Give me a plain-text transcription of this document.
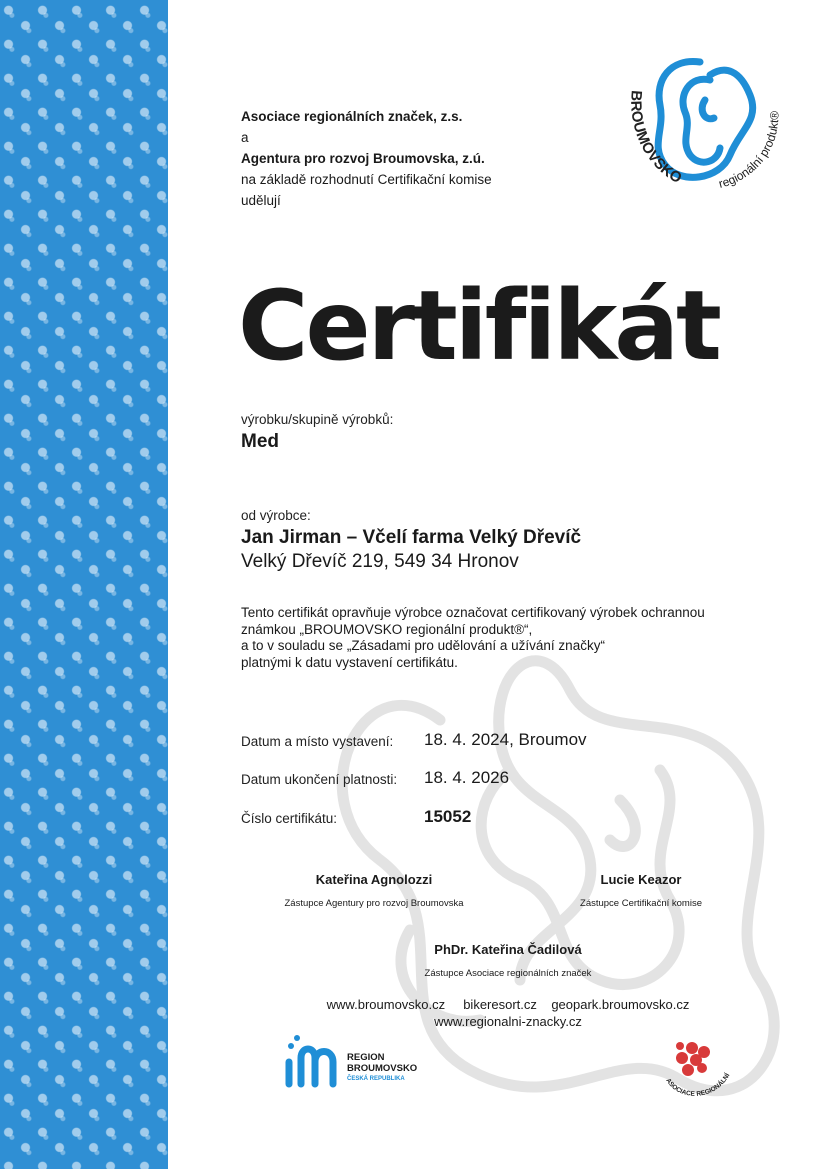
Asociace regionálních značek, z.s.
a
Agentura pro rozvoj Broumovska, z.ú.
na základě rozhodnutí Certifikační komise
udělují
BROUMOVSKO	regionální produkt®
Certifikát
výrobku/skupině výrobků:
Med
od výrobce:
Jan Jirman – Včelí farma Velký Dřevíč
Velký Dřevíč 219, 549 34 Hronov
Tento certifikát opravňuje výrobce označovat certifikovaný výrobek ochrannou
známkou „BROUMOVSKO regionální produkt®“,
a to v souladu se „Zásadami pro udělování a užívání značky“
platnými k datu vystavení certifikátu.
Datum a místo vystavení: 18. 4. 2024, Broumov
Datum ukončení platnosti: 18. 4. 2026
Číslo certifikátu:	15052
Kateřina Agnolozzi
Zástupce Agentury pro rozvoj Broumovska
Lucie Keazor
Zástupce Certifikační komise
PhDr. Kateřina Čadilová
Zástupce Asociace regionálních značek
www.broumovsko.cz     bikeresort.cz    geopark.broumovsko.cz
www.regionalni-znacky.cz
REGION
BROUMOVSKO
ČESKÁ REPUBLIKA	ASOCIACE REGIONÁLNÍ
